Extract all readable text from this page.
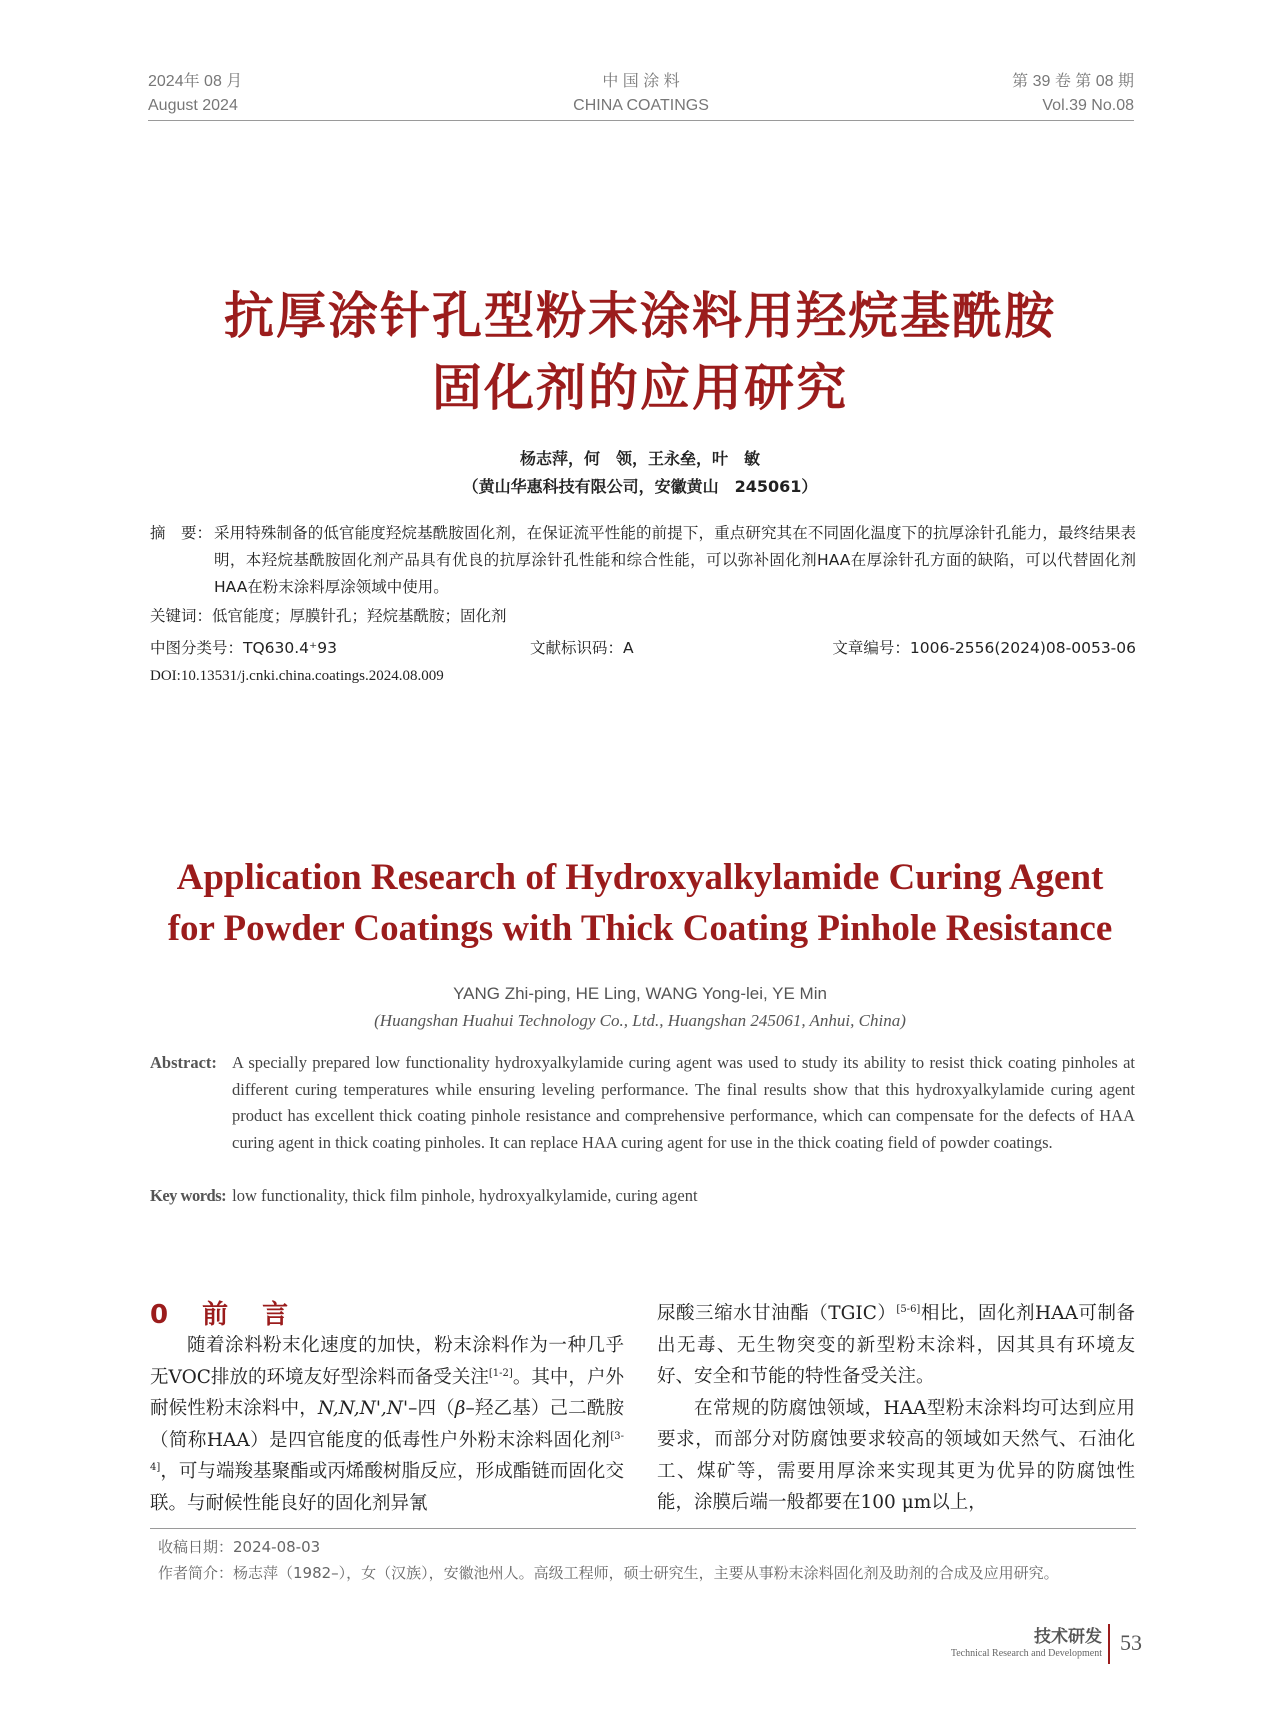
2024年 08 月
August 2024
中 国 涂 料
CHINA COATINGS
第 39 卷 第 08 期
Vol.39 No.08
抗厚涂针孔型粉末涂料用羟烷基酰胺
固化剂的应用研究
杨志萍，何　领，王永垒，叶　敏
（黄山华惠科技有限公司，安徽黄山　245061）
摘　要： 采用特殊制备的低官能度羟烷基酰胺固化剂，在保证流平性能的前提下，重点研究其在不同固化温度下的抗厚涂针孔能力，最终结果表明，本羟烷基酰胺固化剂产品具有优良的抗厚涂针孔性能和综合性能，可以弥补固化剂HAA在厚涂针孔方面的缺陷，可以代替固化剂HAA在粉末涂料厚涂领域中使用。
关键词：低官能度；厚膜针孔；羟烷基酰胺；固化剂
中图分类号：TQ630.4⁺93	文献标识码：A	文章编号：1006-2556(2024)08-0053-06
DOI:10.13531/j.cnki.china.coatings.2024.08.009
Application Research of Hydroxyalkylamide Curing Agent
for Powder Coatings with Thick Coating Pinhole Resistance
YANG Zhi-ping, HE Ling, WANG Yong-lei, YE Min
(Huangshan Huahui Technology Co., Ltd., Huangshan 245061, Anhui, China)
Abstract: A specially prepared low functionality hydroxyalkylamide curing agent was used to study its ability to resist thick coating pinholes at different curing temperatures while ensuring leveling performance. The final results show that this hydroxyalkylamide curing agent product has excellent thick coating pinhole resistance and comprehensive performance, which can compensate for the defects of HAA curing agent in thick coating pinholes. It can replace HAA curing agent for use in the thick coating field of powder coatings.
Key words: low functionality, thick film pinhole, hydroxyalkylamide, curing agent
0　前　言

随着涂料粉末化速度的加快，粉末涂料作为一种几乎无VOC排放的环境友好型涂料而备受关注[1-2]。其中，户外耐候性粉末涂料中，N,N,N',N'–四（β–羟乙基）己二酰胺（简称HAA）是四官能度的低毒性户外粉末涂料固化剂[3-4]，可与端羧基聚酯或丙烯酸树脂反应，形成酯链而固化交联。与耐候性能良好的固化剂异氰

尿酸三缩水甘油酯（TGIC）[5-6]相比，固化剂HAA可制备出无毒、无生物突变的新型粉末涂料，因其具有环境友好、安全和节能的特性备受关注。

在常规的防腐蚀领域，HAA型粉末涂料均可达到应用要求，而部分对防腐蚀要求较高的领域如天然气、石油化工、煤矿等，需要用厚涂来实现其更为优异的防腐蚀性能，涂膜后端一般都要在100 μm以上，

收稿日期：2024-08-03
作者简介：杨志萍（1982–），女（汉族），安徽池州人。高级工程师，硕士研究生，主要从事粉末涂料固化剂及助剂的合成及应用研究。
技术研发
Technical Research and Development 53
